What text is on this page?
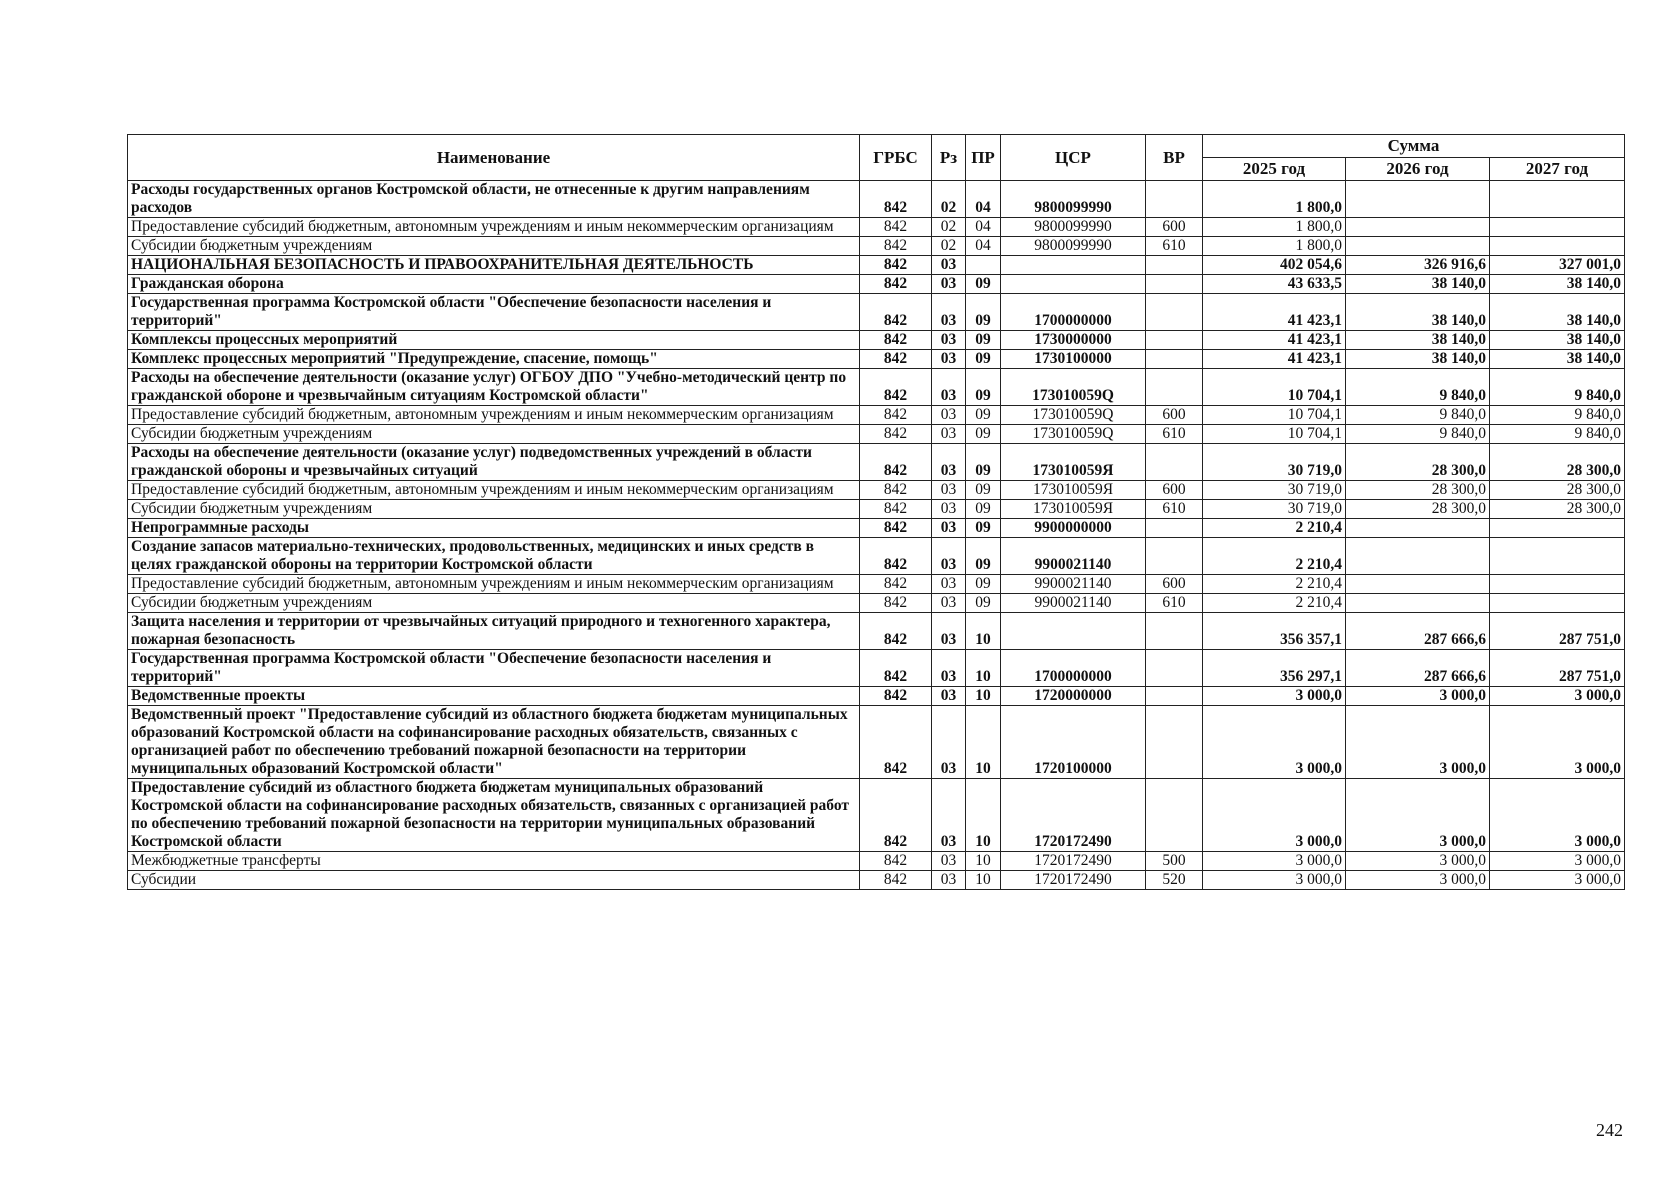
Наименование	ГРБС	Рз	ПР	ЦСР	ВР	Сумма		
						2025 год	2026 год	2027 год
Расходы государственных органов Костромской области, не отнесенные к другим направлениям расходов	842	02	04	9800099990		1 800,0		
Предоставление субсидий бюджетным, автономным учреждениям и иным некоммерческим организациям	842	02	04	9800099990	600	1 800,0		
Субсидии бюджетным учреждениям	842	02	04	9800099990	610	1 800,0		
НАЦИОНАЛЬНАЯ БЕЗОПАСНОСТЬ И ПРАВООХРАНИТЕЛЬНАЯ ДЕЯТЕЛЬНОСТЬ	842	03				402 054,6	326 916,6	327 001,0
Гражданская оборона	842	03	09			43 633,5	38 140,0	38 140,0
Государственная программа Костромской области "Обеспечение безопасности населения и территорий"	842	03	09	1700000000		41 423,1	38 140,0	38 140,0
Комплексы процессных мероприятий	842	03	09	1730000000		41 423,1	38 140,0	38 140,0
Комплекс процессных мероприятий "Предупреждение, спасение, помощь"	842	03	09	1730100000		41 423,1	38 140,0	38 140,0
Расходы на обеспечение деятельности (оказание услуг) ОГБОУ ДПО "Учебно-методический центр по гражданской обороне и чрезвычайным ситуациям Костромской области"	842	03	09	173010059Q		10 704,1	9 840,0	9 840,0
Предоставление субсидий бюджетным, автономным учреждениям и иным некоммерческим организациям	842	03	09	173010059Q	600	10 704,1	9 840,0	9 840,0
Субсидии бюджетным учреждениям	842	03	09	173010059Q	610	10 704,1	9 840,0	9 840,0
Расходы на обеспечение деятельности (оказание услуг) подведомственных учреждений в области гражданской обороны и чрезвычайных ситуаций	842	03	09	173010059Я		30 719,0	28 300,0	28 300,0
Предоставление субсидий бюджетным, автономным учреждениям и иным некоммерческим организациям	842	03	09	173010059Я	600	30 719,0	28 300,0	28 300,0
Субсидии бюджетным учреждениям	842	03	09	173010059Я	610	30 719,0	28 300,0	28 300,0
Непрограммные расходы	842	03	09	9900000000		2 210,4		
Создание запасов материально-технических, продовольственных, медицинских и иных средств в целях гражданской обороны на территории Костромской области	842	03	09	9900021140		2 210,4		
Предоставление субсидий бюджетным, автономным учреждениям и иным некоммерческим организациям	842	03	09	9900021140	600	2 210,4		
Субсидии бюджетным учреждениям	842	03	09	9900021140	610	2 210,4		
Защита населения и территории от чрезвычайных ситуаций природного и техногенного характера, пожарная безопасность	842	03	10			356 357,1	287 666,6	287 751,0
Государственная программа Костромской области "Обеспечение безопасности населения и территорий"	842	03	10	1700000000		356 297,1	287 666,6	287 751,0
Ведомственные проекты	842	03	10	1720000000		3 000,0	3 000,0	3 000,0
Ведомственный проект "Предоставление субсидий из областного бюджета бюджетам муниципальных образований Костромской области на софинансирование расходных обязательств, связанных с организацией работ по обеспечению требований пожарной безопасности на территории муниципальных образований Костромской области"	842	03	10	1720100000		3 000,0	3 000,0	3 000,0
Предоставление субсидий из областного бюджета бюджетам муниципальных образований Костромской области на софинансирование расходных обязательств, связанных с организацией работ по обеспечению требований пожарной безопасности на территории муниципальных образований Костромской области	842	03	10	1720172490		3 000,0	3 000,0	3 000,0
Межбюджетные трансферты	842	03	10	1720172490	500	3 000,0	3 000,0	3 000,0
Субсидии	842	03	10	1720172490	520	3 000,0	3 000,0	3 000,0
242
